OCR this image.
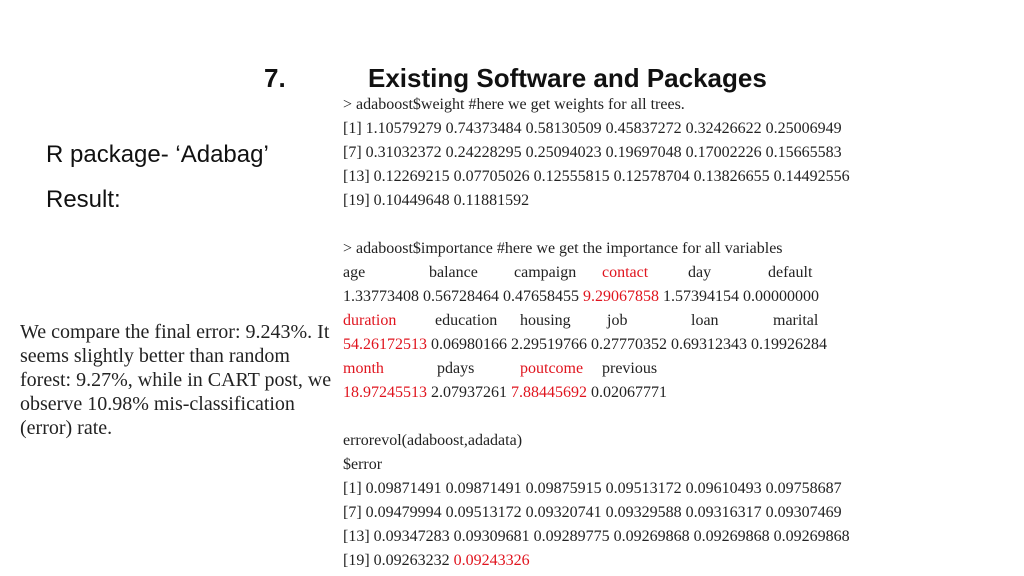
7.	Existing Software and Packages
R package- ‘Adabag’
Result:
We compare the final error: 9.243%. It seems slightly better than random forest: 9.27%, while in CART post, we observe 10.98% mis-classification (error) rate.
> adaboost$weight #here we get weights for all trees.
[1] 1.10579279 0.74373484 0.58130509 0.45837272 0.32426622 0.25006949
[7] 0.31032372 0.24228295 0.25094023 0.19697048 0.17002226 0.15665583
[13] 0.12269215 0.07705026 0.12555815 0.12578704 0.13826655 0.14492556
[19] 0.10449648 0.11881592
> adaboost$importance #here we get the importance for all variables
age	balance campaign contact day	default
1.33773408 0.56728464 0.47658455 9.29067858 1.57394154 0.00000000
duration education housing job	loan	marital
54.26172513 0.06980166 2.29519766 0.27770352 0.69312343 0.19926284
month	pdays	poutcome previous
18.97245513 2.07937261 7.88445692 0.02067771
errorevol(adaboost,adadata)
$error
[1] 0.09871491 0.09871491 0.09875915 0.09513172 0.09610493 0.09758687
[7] 0.09479994 0.09513172 0.09320741 0.09329588 0.09316317 0.09307469
[13] 0.09347283 0.09309681 0.09289775 0.09269868 0.09269868 0.09269868
[19] 0.09263232 0.09243326
